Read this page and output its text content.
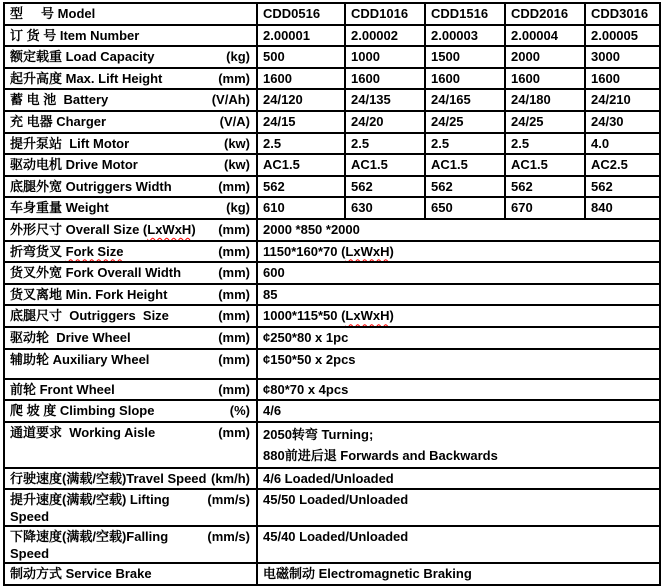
型     号 Model	CDD0516	CDD1016	CDD1516	CDD2016	CDD3016

订 货 号 Item Number	2.00001	2.00002	2.00003	2.00004	2.00005

额定载重 Load Capacity (kg)	500	1000	1500	2000	3000

起升高度 Max. Lift Height (mm)	1600	1600	1600	1600	1600

蓄 电 池  Battery (V/Ah)	24/120	24/135	24/165	24/180	24/210

充 电器 Charger (V/A)	24/15	24/20	24/25	24/25	24/30

提升泵站  Lift Motor (kw)	2.5	2.5	2.5	2.5	4.0

驱动电机 Drive Motor (kw)	AC1.5	AC1.5	AC1.5	AC1.5	AC2.5

底腿外宽 Outriggers Width (mm)	562	562	562	562	562

车身重量 Weight (kg)	610	630	650	670	840

外形尺寸 Overall Size (LxWxH) (mm)	2000 *850 *2000				

折弯货叉 Fork Size (mm)	1150*160*70 (LxWxH)				

货叉外宽 Fork Overall Width (mm)	600				

货叉离地 Min. Fork Height (mm)	85				

底腿尺寸  Outriggers  Size (mm)	1000*115*50 (LxWxH)				

驱动轮  Drive Wheel (mm)	¢250*80 x 1pc				

辅助轮 Auxiliary Wheel (mm)	¢150*50 x 2pcs				

前轮 Front Wheel (mm)	¢80*70 x 4pcs				

爬 坡 度 Climbing Slope (%)	4/6				

通道要求  Working Aisle (mm)	2050转弯 Turning;
880前进后退 Forwards and Backwards				

行驶速度(满载/空载)Travel Speed (km/h)	4/6 Loaded/Unloaded				

提升速度(满载/空载) Lifting Speed
(mm/s)	45/50 Loaded/Unloaded				

下降速度(满载/空载)Falling Speed
(mm/s)	45/40 Loaded/Unloaded				

制动方式 Service Brake	电磁制动 Electromagnetic Braking				
